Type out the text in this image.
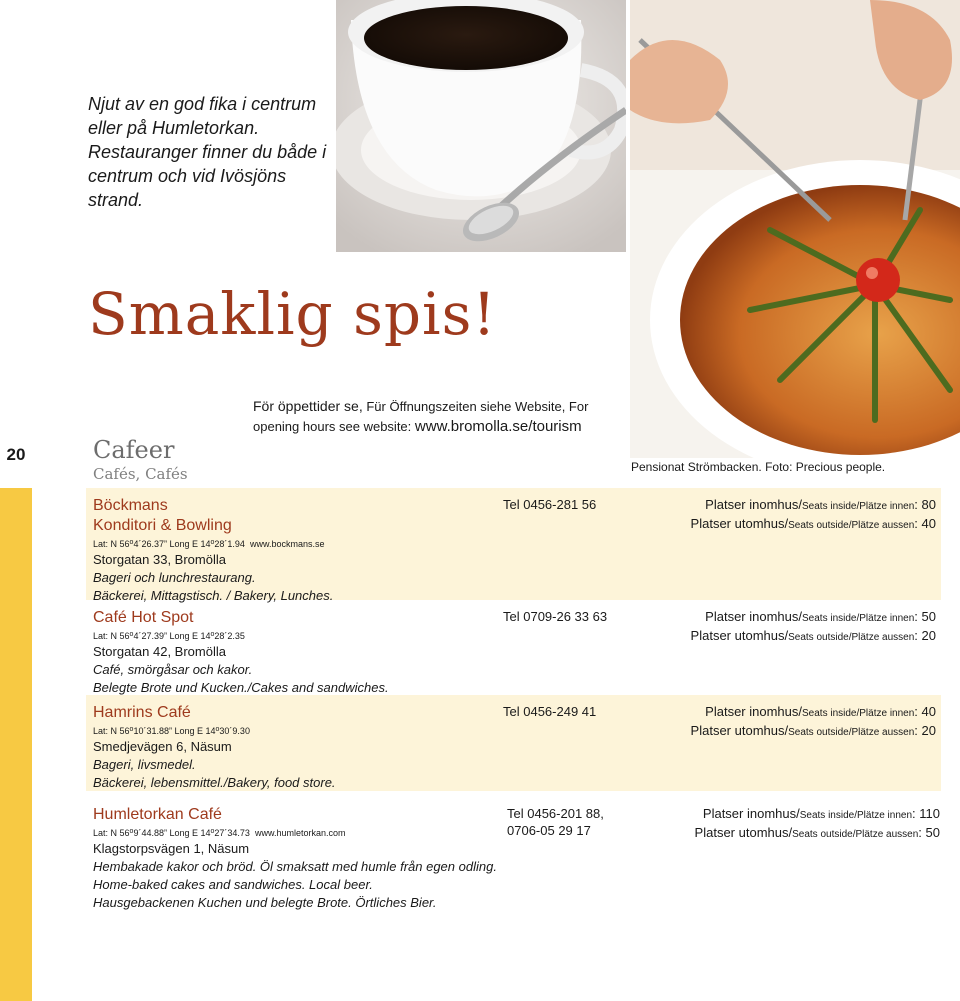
20
Njut av en god fika i centrum eller på Humletorkan. Restauranger finner du både i centrum och vid Ivösjöns strand.
Smaklig spis!
Cafeer
Cafés, Cafés
För öppettider se, Für Öffnungszeiten siehe Website, For opening hours see website: www.bromolla.se/tourism
Pensionat Strömbacken. Foto: Precious people.
Böckmans
Konditori & Bowling
Lat: N 56$^o$4´26.37” Long E 14$^o$28´1.94 www.bockmans.se
Storgatan 33, Bromölla
Bageri och lunchrestaurang.
Bäckerei, Mittagstisch. / Bakery, Lunches.
Tel 0456-281 56	Platser inomhus/Seats inside/Plätze innen: 80
Platser utomhus/Seats outside/Plätze aussen: 40
Café Hot Spot
Lat: N 56$^o$4´27.39” Long E 14$^o$28´2.35
Storgatan 42, Bromölla
Café, smörgåsar och kakor.
Belegte Brote und Kucken./Cakes and sandwiches.
Tel 0709-26 33 63	Platser inomhus/Seats inside/Plätze innen: 50
Platser utomhus/Seats outside/Plätze aussen: 20
Hamrins Café
Lat: N 56$^o$10´31.88” Long E 14$^o$30´9.30
Smedjevägen 6, Näsum
Bageri, livsmedel.
Bäckerei, lebensmittel./Bakery, food store.
Tel 0456-249 41	Platser inomhus/Seats inside/Plätze innen: 40
Platser utomhus/Seats outside/Plätze aussen: 20
Humletorkan Café
Lat: N 56$^o$9´44.88” Long E 14$^o$27´34.73 www.humletorkan.com
Klagstorpsvägen 1, Näsum
Hembakade kakor och bröd. Öl smaksatt med humle från egen odling.
Home-baked cakes and sandwiches. Local beer.
Hausgebackenen Kuchen und belegte Brote. Örtliches Bier.
Tel 0456-201 88,
0706-05 29 17
Platser inomhus/Seats inside/Plätze innen: 110
Platser utomhus/Seats outside/Plätze aussen: 50
